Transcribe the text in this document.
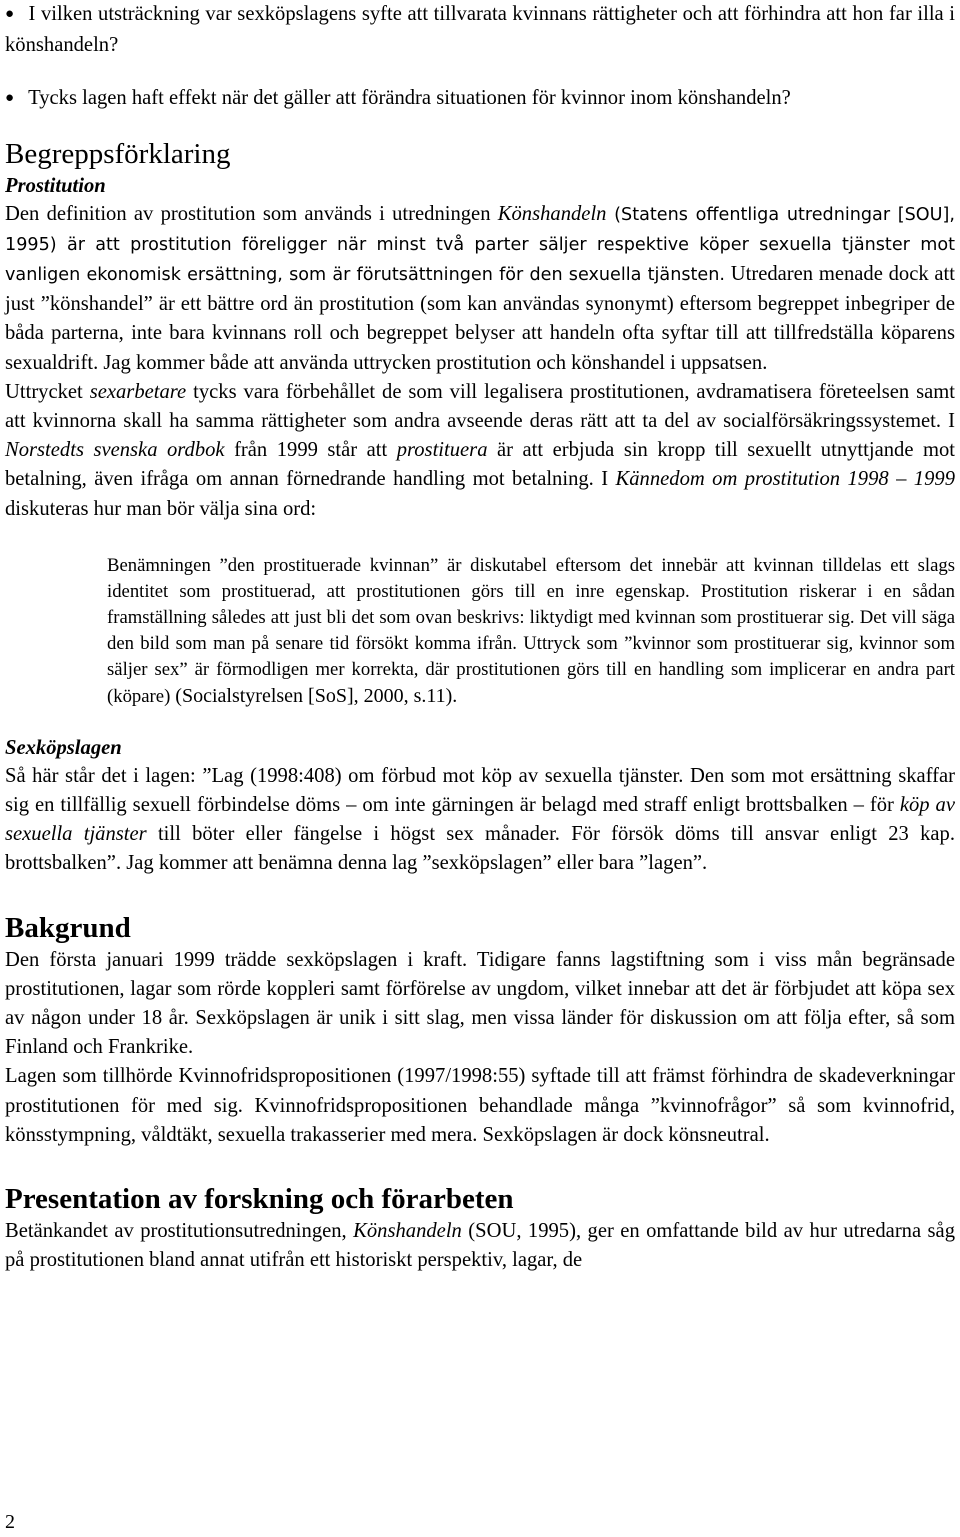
● I vilken utsträckning var sexköpslagens syfte att tillvarata kvinnans rättigheter och att förhindra att hon far illa i könshandeln?

● Tycks lagen haft effekt när det gäller att förändra situationen för kvinnor inom könshandeln?

Begreppsförklaring

Prostitution

Den definition av prostitution som används i utredningen Könshandeln (Statens offentliga utredningar [SOU], 1995) är att prostitution föreligger när minst två parter säljer respektive köper sexuella tjänster mot vanligen ekonomisk ersättning, som är förutsättningen för den sexuella tjänsten. Utredaren menade dock att just ”könshandel” är ett bättre ord än prostitution (som kan användas synonymt) eftersom begreppet inbegriper de båda parterna, inte bara kvinnans roll och begreppet belyser att handeln ofta syftar till att tillfredställa köparens sexualdrift. Jag kommer både att använda uttrycken prostitution och könshandel i uppsatsen.

Uttrycket sexarbetare tycks vara förbehållet de som vill legalisera prostitutionen, avdramatisera företeelsen samt att kvinnorna skall ha samma rättigheter som andra avseende deras rätt att ta del av socialförsäkringssystemet. I Norstedts svenska ordbok från 1999 står att prostituera är att erbjuda sin kropp till sexuellt utnyttjande mot betalning, även ifråga om annan förnedrande handling mot betalning. I Kännedom om prostitution 1998 – 1999 diskuteras hur man bör välja sina ord:

Benämningen ”den prostituerade kvinnan” är diskutabel eftersom det innebär att kvinnan tilldelas ett slags identitet som prostituerad, att prostitutionen görs till en inre egenskap. Prostitution riskerar i en sådan framställning således att just bli det som ovan beskrivs: liktydigt med kvinnan som prostituerar sig. Det vill säga den bild som man på senare tid försökt komma ifrån. Uttryck som ”kvinnor som prostituerar sig, kvinnor som säljer sex” är förmodligen mer korrekta, där prostitutionen görs till en handling som implicerar en andra part (köpare) (Socialstyrelsen [SoS], 2000, s.11).

Sexköpslagen

Så här står det i lagen: ”Lag (1998:408) om förbud mot köp av sexuella tjänster. Den som mot ersättning skaffar sig en tillfällig sexuell förbindelse döms – om inte gärningen är belagd med straff enligt brottsbalken – för köp av sexuella tjänster till böter eller fängelse i högst sex månader. För försök döms till ansvar enligt 23 kap. brottsbalken”. Jag kommer att benämna denna lag ”sexköpslagen” eller bara ”lagen”.

Bakgrund

Den första januari 1999 trädde sexköpslagen i kraft. Tidigare fanns lagstiftning som i viss mån begränsade prostitutionen, lagar som rörde koppleri samt förförelse av ungdom, vilket innebar att det är förbjudet att köpa sex av någon under 18 år. Sexköpslagen är unik i sitt slag, men vissa länder för diskussion om att följa efter, så som Finland och Frankrike.

Lagen som tillhörde Kvinnofridspropositionen (1997/1998:55) syftade till att främst förhindra de skadeverkningar prostitutionen för med sig. Kvinnofridspropositionen behandlade många ”kvinnofrågor” så som kvinnofrid, könsstympning, våldtäkt, sexuella trakasserier med mera. Sexköpslagen är dock könsneutral.

Presentation av forskning och förarbeten

Betänkandet av prostitutionsutredningen, Könshandeln (SOU, 1995), ger en omfattande bild av hur utredarna såg på prostitutionen bland annat utifrån ett historiskt perspektiv, lagar, de

2
